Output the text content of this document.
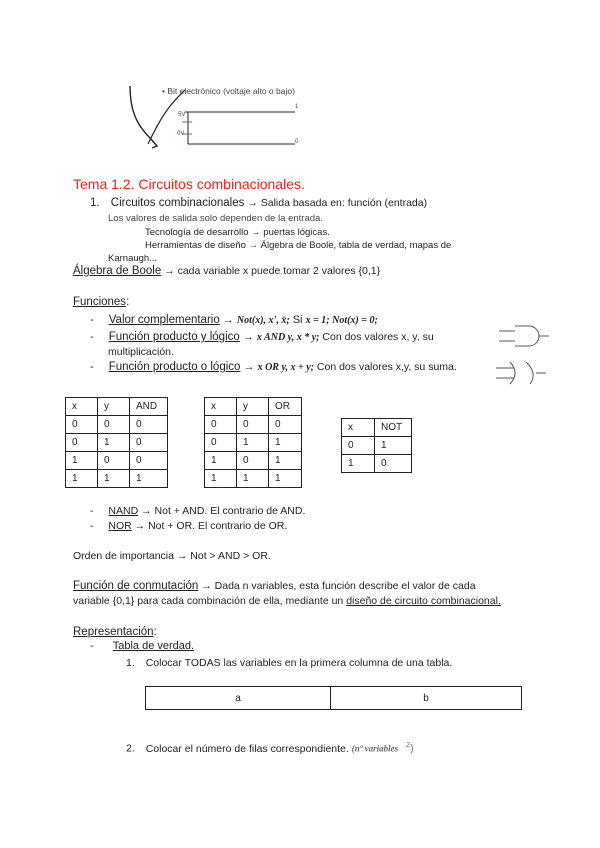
• Bit electrónico (voltaje alto o bajo)
5V
0V
1
0
Tema 1.2. Circuitos combinacionales.
1. Circuitos combinacionales → Salida basada en: función (entrada)
Los valores de salida solo dependen de la entrada.
Tecnología de desarrollo → puertas lógicas.
Herramientas de diseño → Álgebra de Boole, tabla de verdad, mapas de
Karnaugh...
Álgebra de Boole → cada variable x puede tomar 2 valores {0,1}
Funciones:
- Valor complementario → Not(x), x', x̄; Si x = 1; Not(x) = 0;
- Función producto y lógico → x AND y, x * y; Con dos valores x, y, su
multiplicación.
- Función producto o lógico → x OR y, x + y; Con dos valores x,y, su suma.
x	y	AND
0	0	0
0	1	0
1	0	0
1	1	1
x	y	OR
0	0	0
0	1	1
1	0	1
1	1	1
x	NOT
0	1
1	0
- NAND → Not + AND. El contrario de AND.
- NOR → Not + OR. El contrario de OR.
Orden de importancia → Not > AND > OR.
Función de conmutación → Dada n variables, esta función describe el valor de cada
variable {0,1} para cada combinación de ella, mediante un diseño de circuito combinacional.
Representación:
- Tabla de verdad.
1. Colocar TODAS las variables en la primera columna de una tabla.
a	b
2. Colocar el número de filas correspondiente. (nº variables $^2$)
